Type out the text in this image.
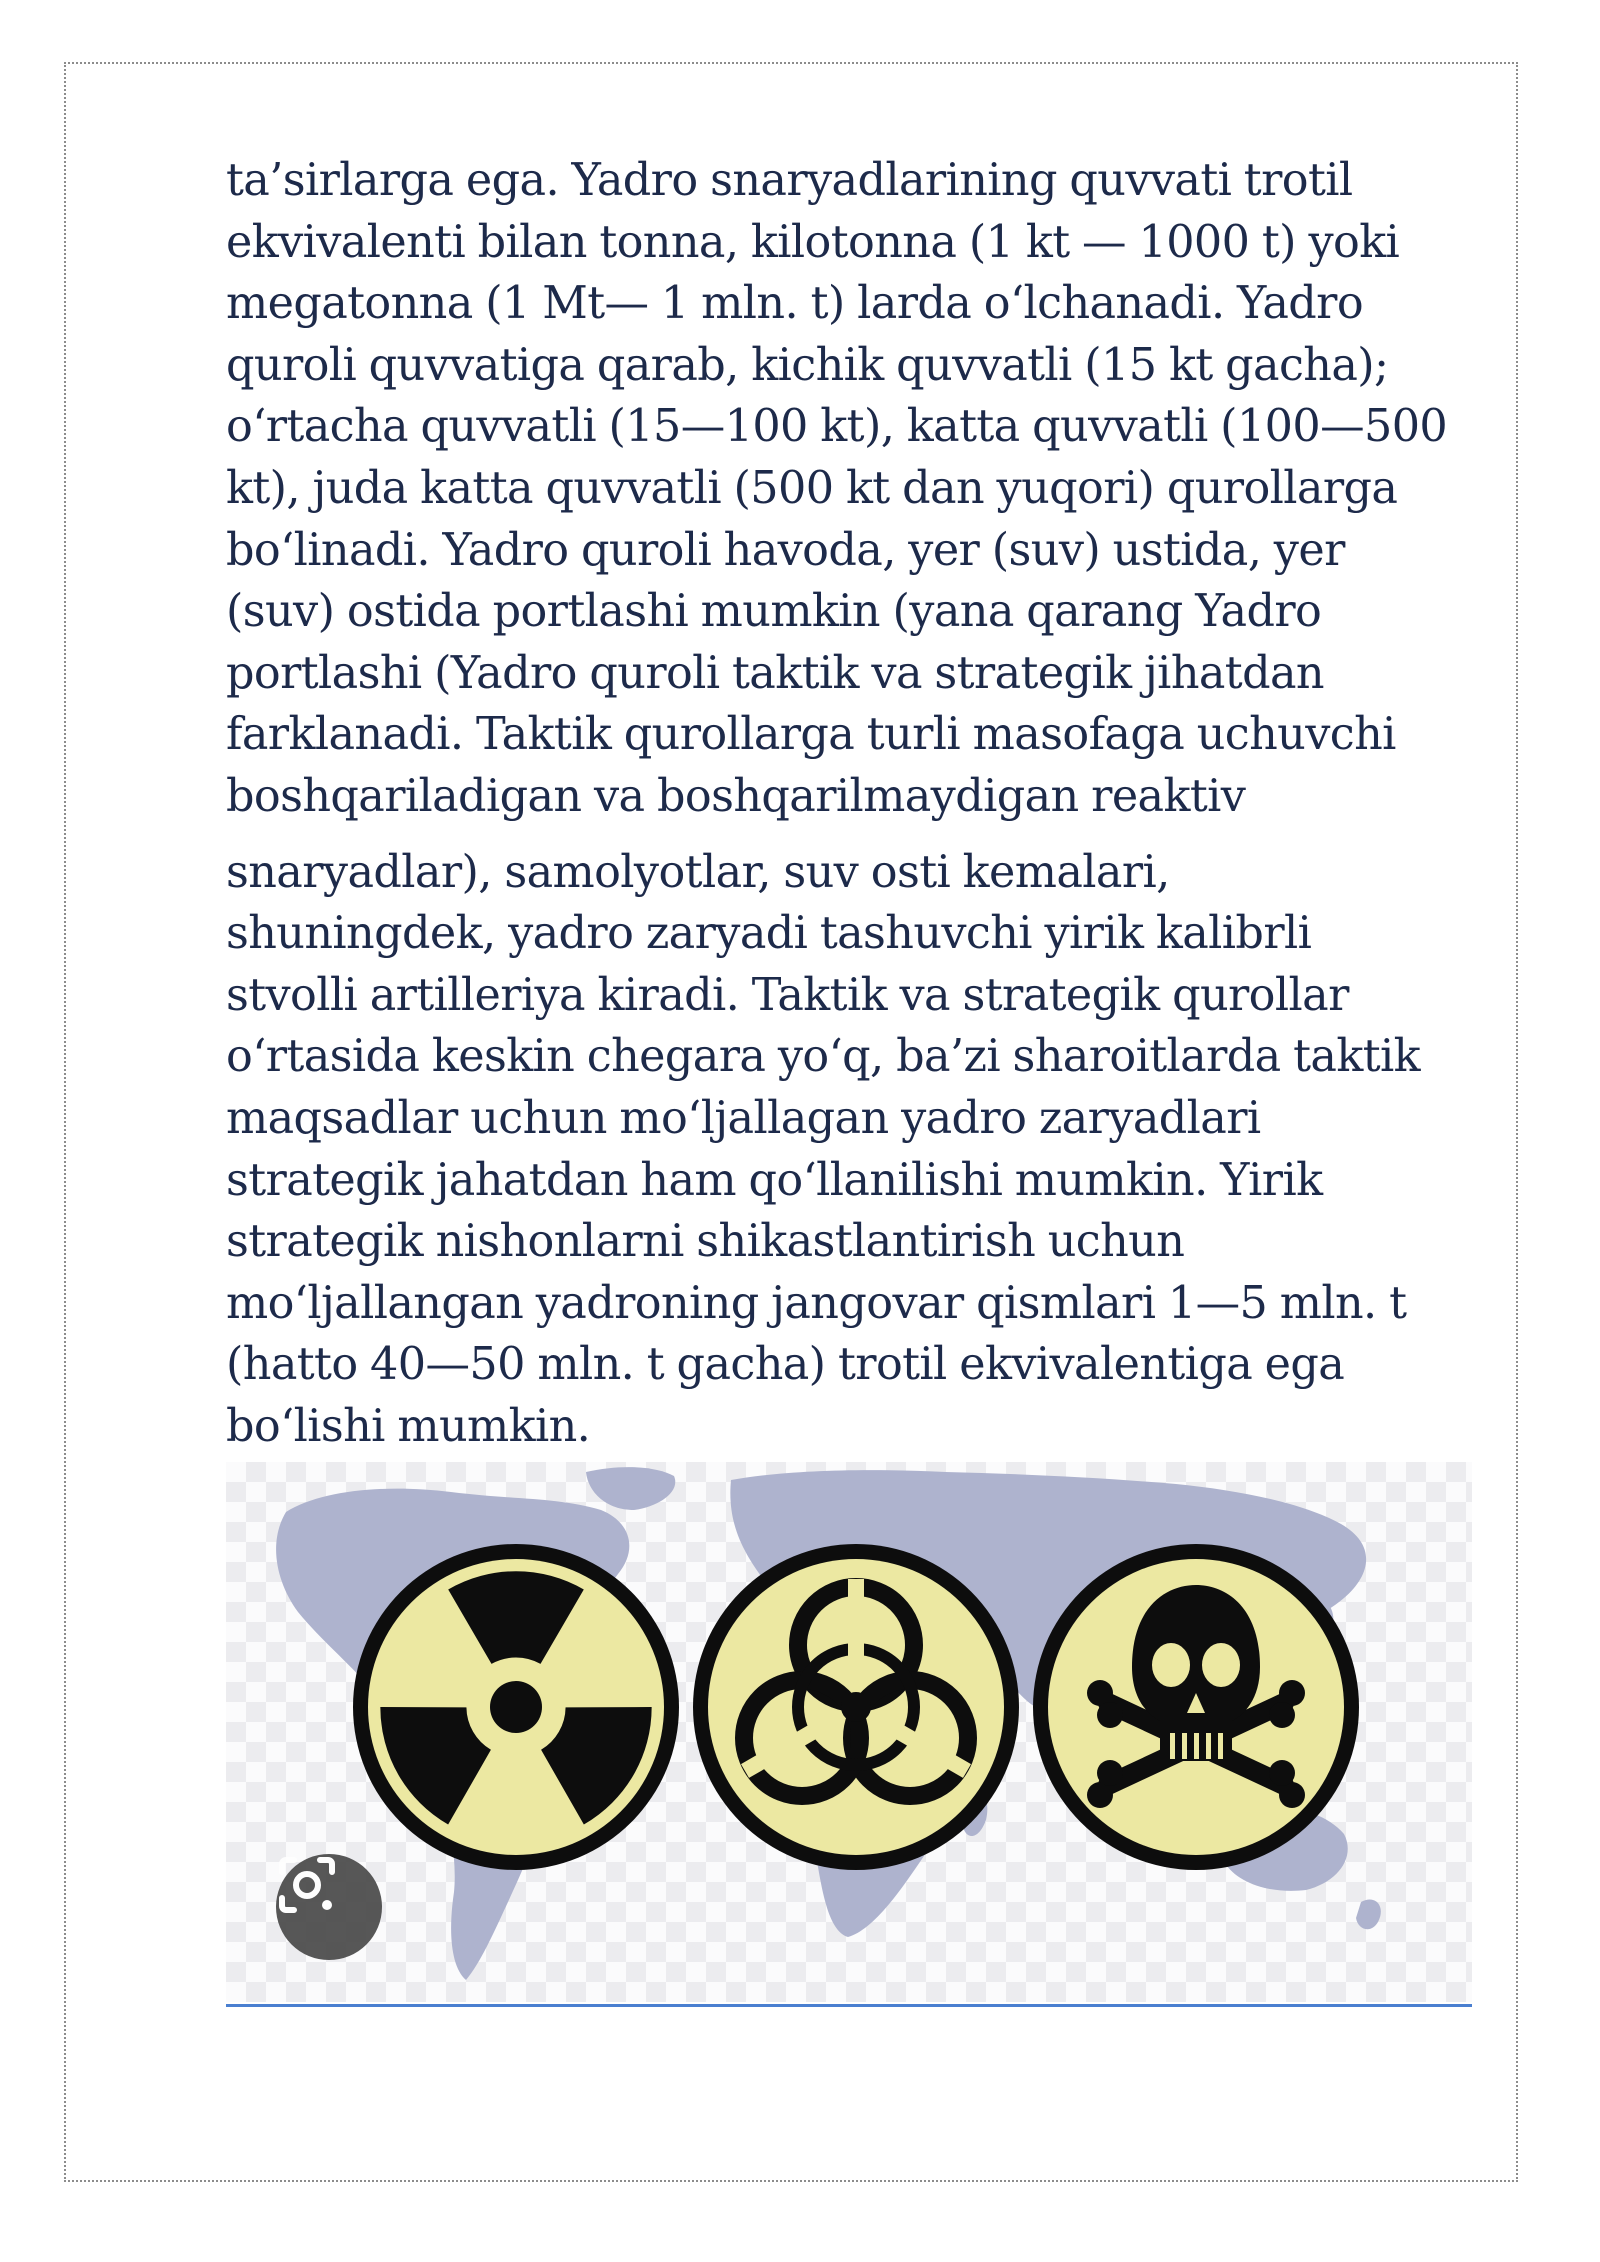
ta’sirlarga ega. Yadro snaryadlarining quvvati trotil
ekvivalenti bilan tonna, kilotonna (1 kt — 1000 t) yoki
megatonna (1 Mt— 1 mln. t) larda o‘lchanadi. Yadro
quroli quvvatiga qarab, kichik quvvatli (15 kt gacha);
o‘rtacha quvvatli (15—100 kt), katta quvvatli (100—500
kt), juda katta quvvatli (500 kt dan yuqori) qurollarga
bo‘linadi. Yadro quroli havoda, yer (suv) ustida, yer
(suv) ostida portlashi mumkin (yana qarang Yadro
portlashi (Yadro quroli taktik va strategik jihatdan
farklanadi. Taktik qurollarga turli masofaga uchuvchi
boshqariladigan va boshqarilmaydigan reaktiv
snaryadlar), samolyotlar, suv osti kemalari,
shuningdek, yadro zaryadi tashuvchi yirik kalibrli
stvolli artilleriya kiradi. Taktik va strategik qurollar
o‘rtasida keskin chegara yo‘q, ba’zi sharoitlarda taktik
maqsadlar uchun mo‘ljallagan yadro zaryadlari
strategik jahatdan ham qo‘llanilishi mumkin. Yirik
strategik nishonlarni shikastlantirish uchun
mo‘ljallangan yadroning jangovar qismlari 1—5 mln. t
(hatto 40—50 mln. t gacha) trotil ekvivalentiga ega
bo‘lishi mumkin.
